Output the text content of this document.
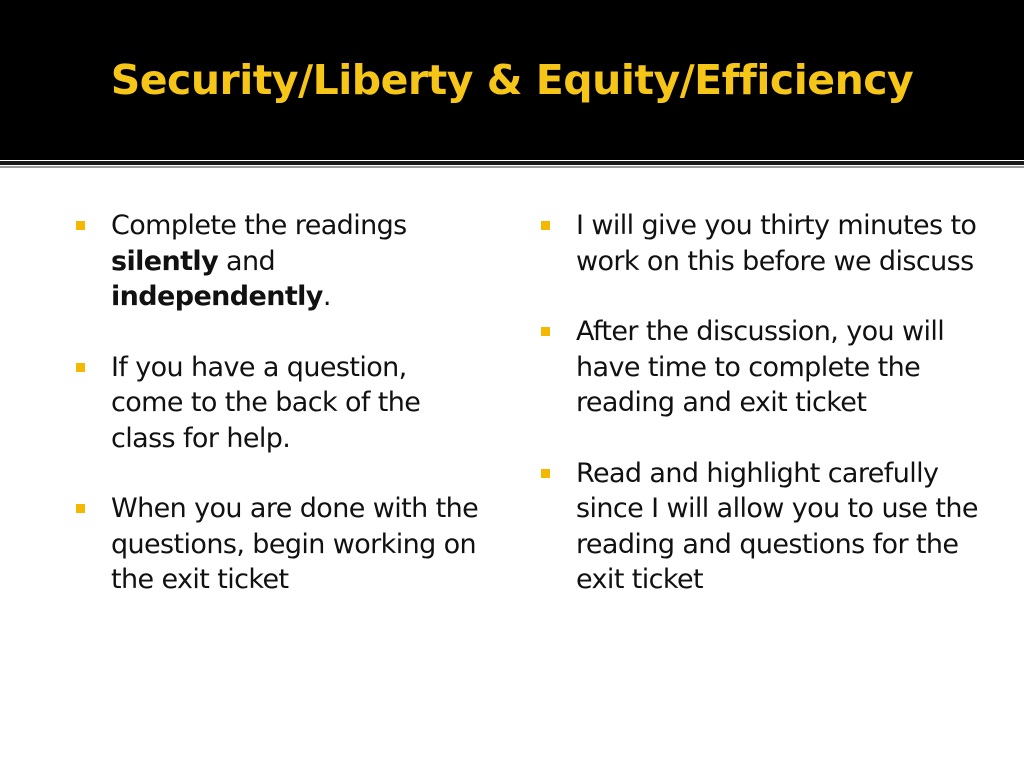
Security/Liberty & Equity/Efficiency
Complete the readings silently and independently.
If you have a question, come to the back of the class for help.
When you are done with the questions, begin working on the exit ticket
I will give you thirty minutes to work on this before we discuss
After the discussion, you will have time to complete the reading and exit ticket
Read and highlight carefully since I will allow you to use the reading and questions for the exit ticket
